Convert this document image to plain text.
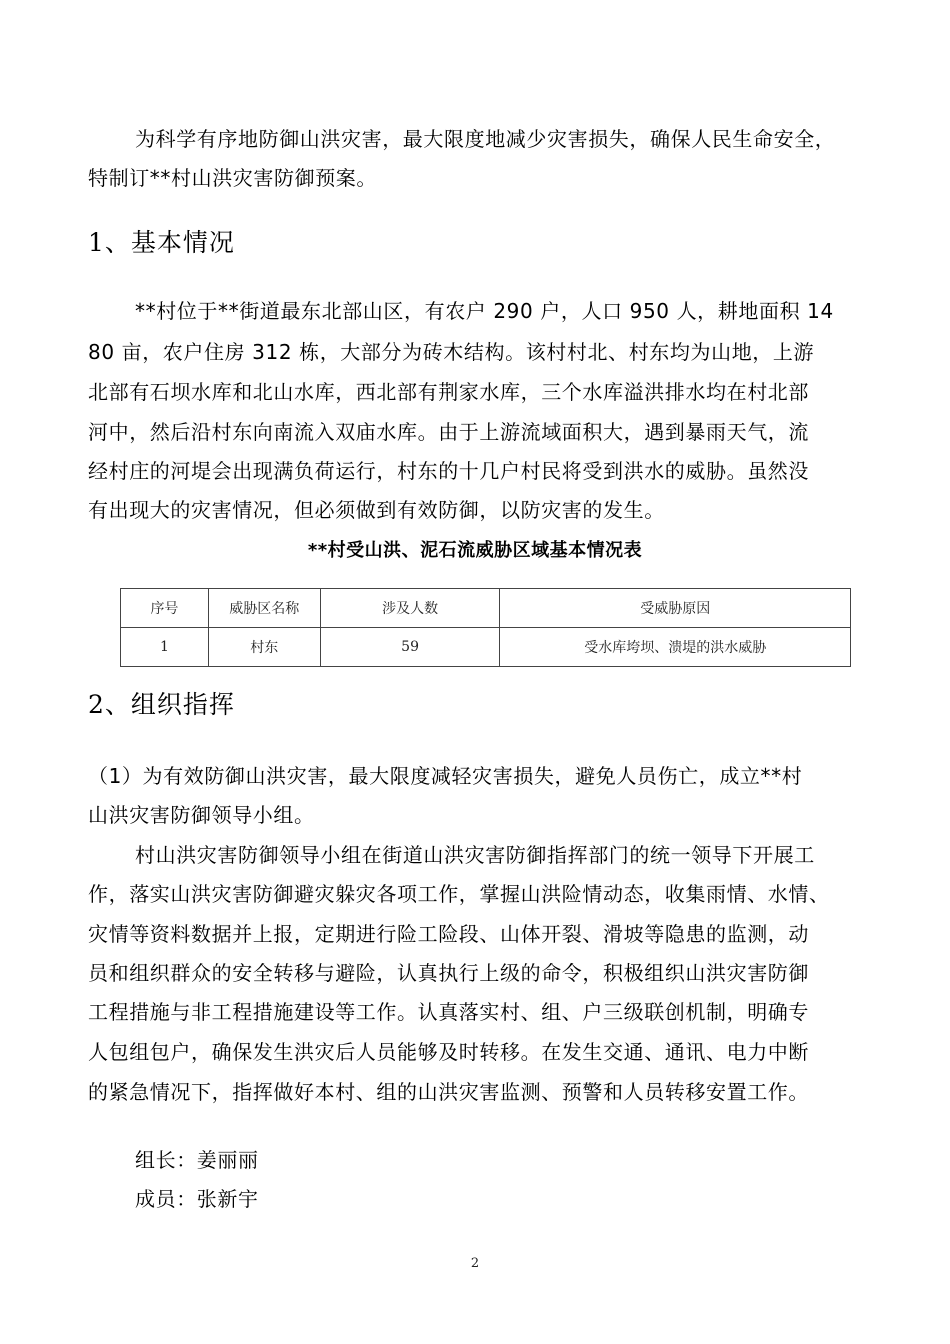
为科学有序地防御山洪灾害，最大限度地减少灾害损失，确保人民生命安全，
特制订**村山洪灾害防御预案。
1、基本情况
**村位于**街道最东北部山区，有农户 290 户，人口 950 人，耕地面积 14
80 亩，农户住房 312 栋，大部分为砖木结构。该村村北、村东均为山地，上游
北部有石坝水库和北山水库，西北部有荆家水库，三个水库溢洪排水均在村北部
河中，然后沿村东向南流入双庙水库。由于上游流域面积大，遇到暴雨天气，流
经村庄的河堤会出现满负荷运行，村东的十几户村民将受到洪水的威胁。虽然没
有出现大的灾害情况，但必须做到有效防御，以防灾害的发生。
**村受山洪、泥石流威胁区域基本情况表
序号	威胁区名称	涉及人数	受威胁原因
1	村东	59	受水库垮坝、溃堤的洪水威胁
2、组织指挥
（1）为有效防御山洪灾害，最大限度减轻灾害损失，避免人员伤亡，成立**村
山洪灾害防御领导小组。
村山洪灾害防御领导小组在街道山洪灾害防御指挥部门的统一领导下开展工
作，落实山洪灾害防御避灾躲灾各项工作，掌握山洪险情动态，收集雨情、水情、
灾情等资料数据并上报，定期进行险工险段、山体开裂、滑坡等隐患的监测，动
员和组织群众的安全转移与避险，认真执行上级的命令，积极组织山洪灾害防御
工程措施与非工程措施建设等工作。认真落实村、组、户三级联创机制，明确专
人包组包户，确保发生洪灾后人员能够及时转移。在发生交通、通讯、电力中断
的紧急情况下，指挥做好本村、组的山洪灾害监测、预警和人员转移安置工作。
组长：姜丽丽
成员：张新宇
2
